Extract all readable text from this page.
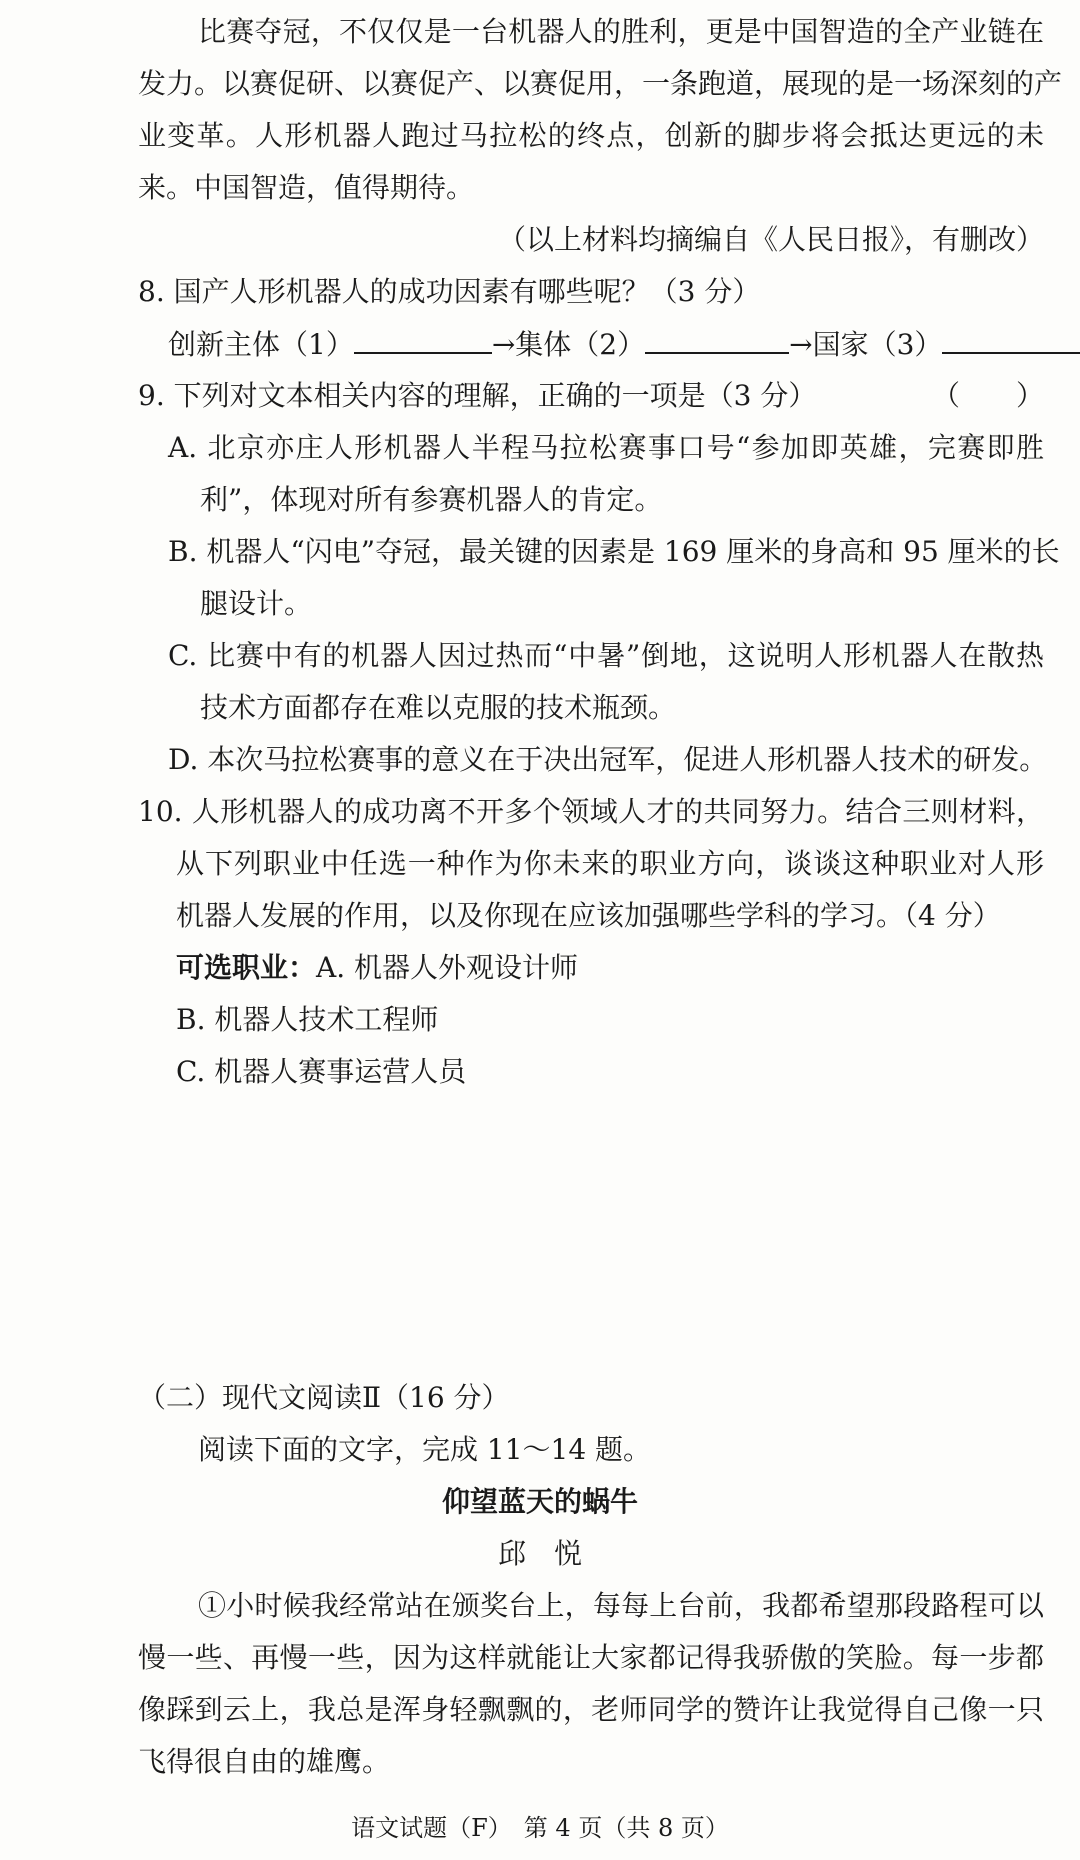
比赛夺冠，不仅仅是一台机器人的胜利，更是中国智造的全产业链在
发力。以赛促研、以赛促产、以赛促用，一条跑道，展现的是一场深刻的产
业变革。人形机器人跑过马拉松的终点，创新的脚步将会抵达更远的未
来。中国智造，值得期待。
（以上材料均摘编自《人民日报》，有删改）
8. 国产人形机器人的成功因素有哪些呢？（3 分）
创新主体（1）	→集体（2）	→国家（3）
9. 下列对文本相关内容的理解，正确的一项是（3 分）	（　　）
A. 北京亦庄人形机器人半程马拉松赛事口号“参加即英雄，完赛即胜
利”，体现对所有参赛机器人的肯定。
B. 机器人“闪电”夺冠，最关键的因素是 169 厘米的身高和 95 厘米的长
腿设计。
C. 比赛中有的机器人因过热而“中暑”倒地，这说明人形机器人在散热
技术方面都存在难以克服的技术瓶颈。
D. 本次马拉松赛事的意义在于决出冠军，促进人形机器人技术的研发。
10. 人形机器人的成功离不开多个领域人才的共同努力。结合三则材料，
从下列职业中任选一种作为你未来的职业方向，谈谈这种职业对人形
机器人发展的作用，以及你现在应该加强哪些学科的学习。（4 分）
可选职业：A. 机器人外观设计师
B. 机器人技术工程师
C. 机器人赛事运营人员
（二）现代文阅读Ⅱ（16 分）
阅读下面的文字，完成 11～14 题。
仰望蓝天的蜗牛
邱　悦
①小时候我经常站在颁奖台上，每每上台前，我都希望那段路程可以
慢一些、再慢一些，因为这样就能让大家都记得我骄傲的笑脸。每一步都
像踩到云上，我总是浑身轻飘飘的，老师同学的赞许让我觉得自己像一只
飞得很自由的雄鹰。
语文试题（F）　第 4 页（共 8 页）
